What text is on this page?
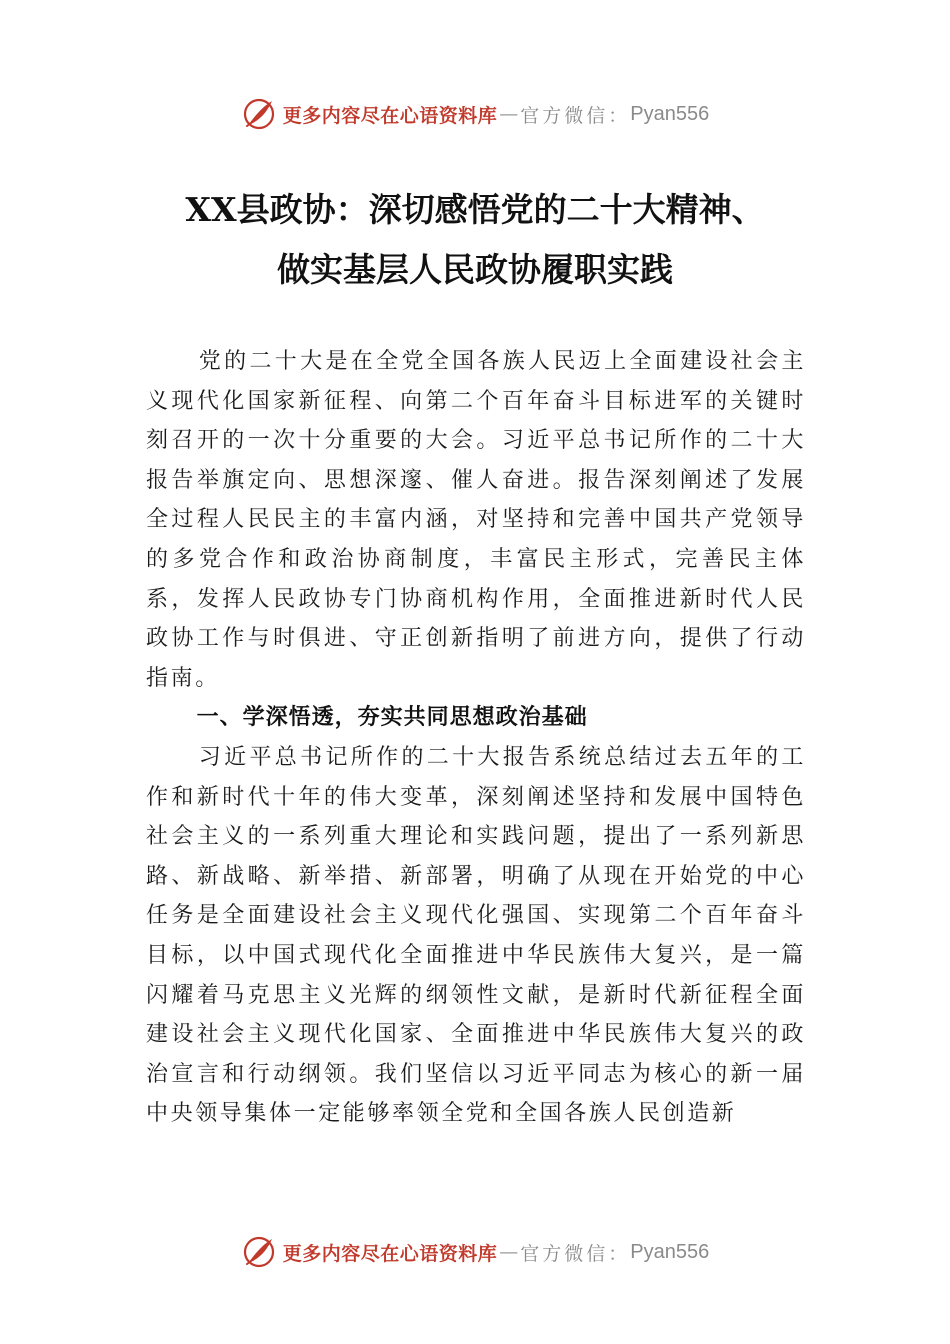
更多内容尽在心语资料库 — 官方微信： Pyan556
XX县政协：深切感悟党的二十大精神、
做实基层人民政协履职实践

党的二十大是在全党全国各族人民迈上全面建设社会主义现代化国家新征程、向第二个百年奋斗目标进军的关键时刻召开的一次十分重要的大会。习近平总书记所作的二十大报告举旗定向、思想深邃、催人奋进。报告深刻阐述了发展全过程人民民主的丰富内涵，对坚持和完善中国共产党领导的多党合作和政治协商制度，丰富民主形式，完善民主体系，发挥人民政协专门协商机构作用，全面推进新时代人民政协工作与时俱进、守正创新指明了前进方向，提供了行动指南。

一、学深悟透，夯实共同思想政治基础

习近平总书记所作的二十大报告系统总结过去五年的工作和新时代十年的伟大变革，深刻阐述坚持和发展中国特色社会主义的一系列重大理论和实践问题，提出了一系列新思路、新战略、新举措、新部署，明确了从现在开始党的中心任务是全面建设社会主义现代化强国、实现第二个百年奋斗目标，以中国式现代化全面推进中华民族伟大复兴，是一篇闪耀着马克思主义光辉的纲领性文献，是新时代新征程全面建设社会主义现代化国家、全面推进中华民族伟大复兴的政治宣言和行动纲领。我们坚信以习近平同志为核心的新一届中央领导集体一定能够率领全党和全国各族人民创造新

更多内容尽在心语资料库 — 官方微信： Pyan556
